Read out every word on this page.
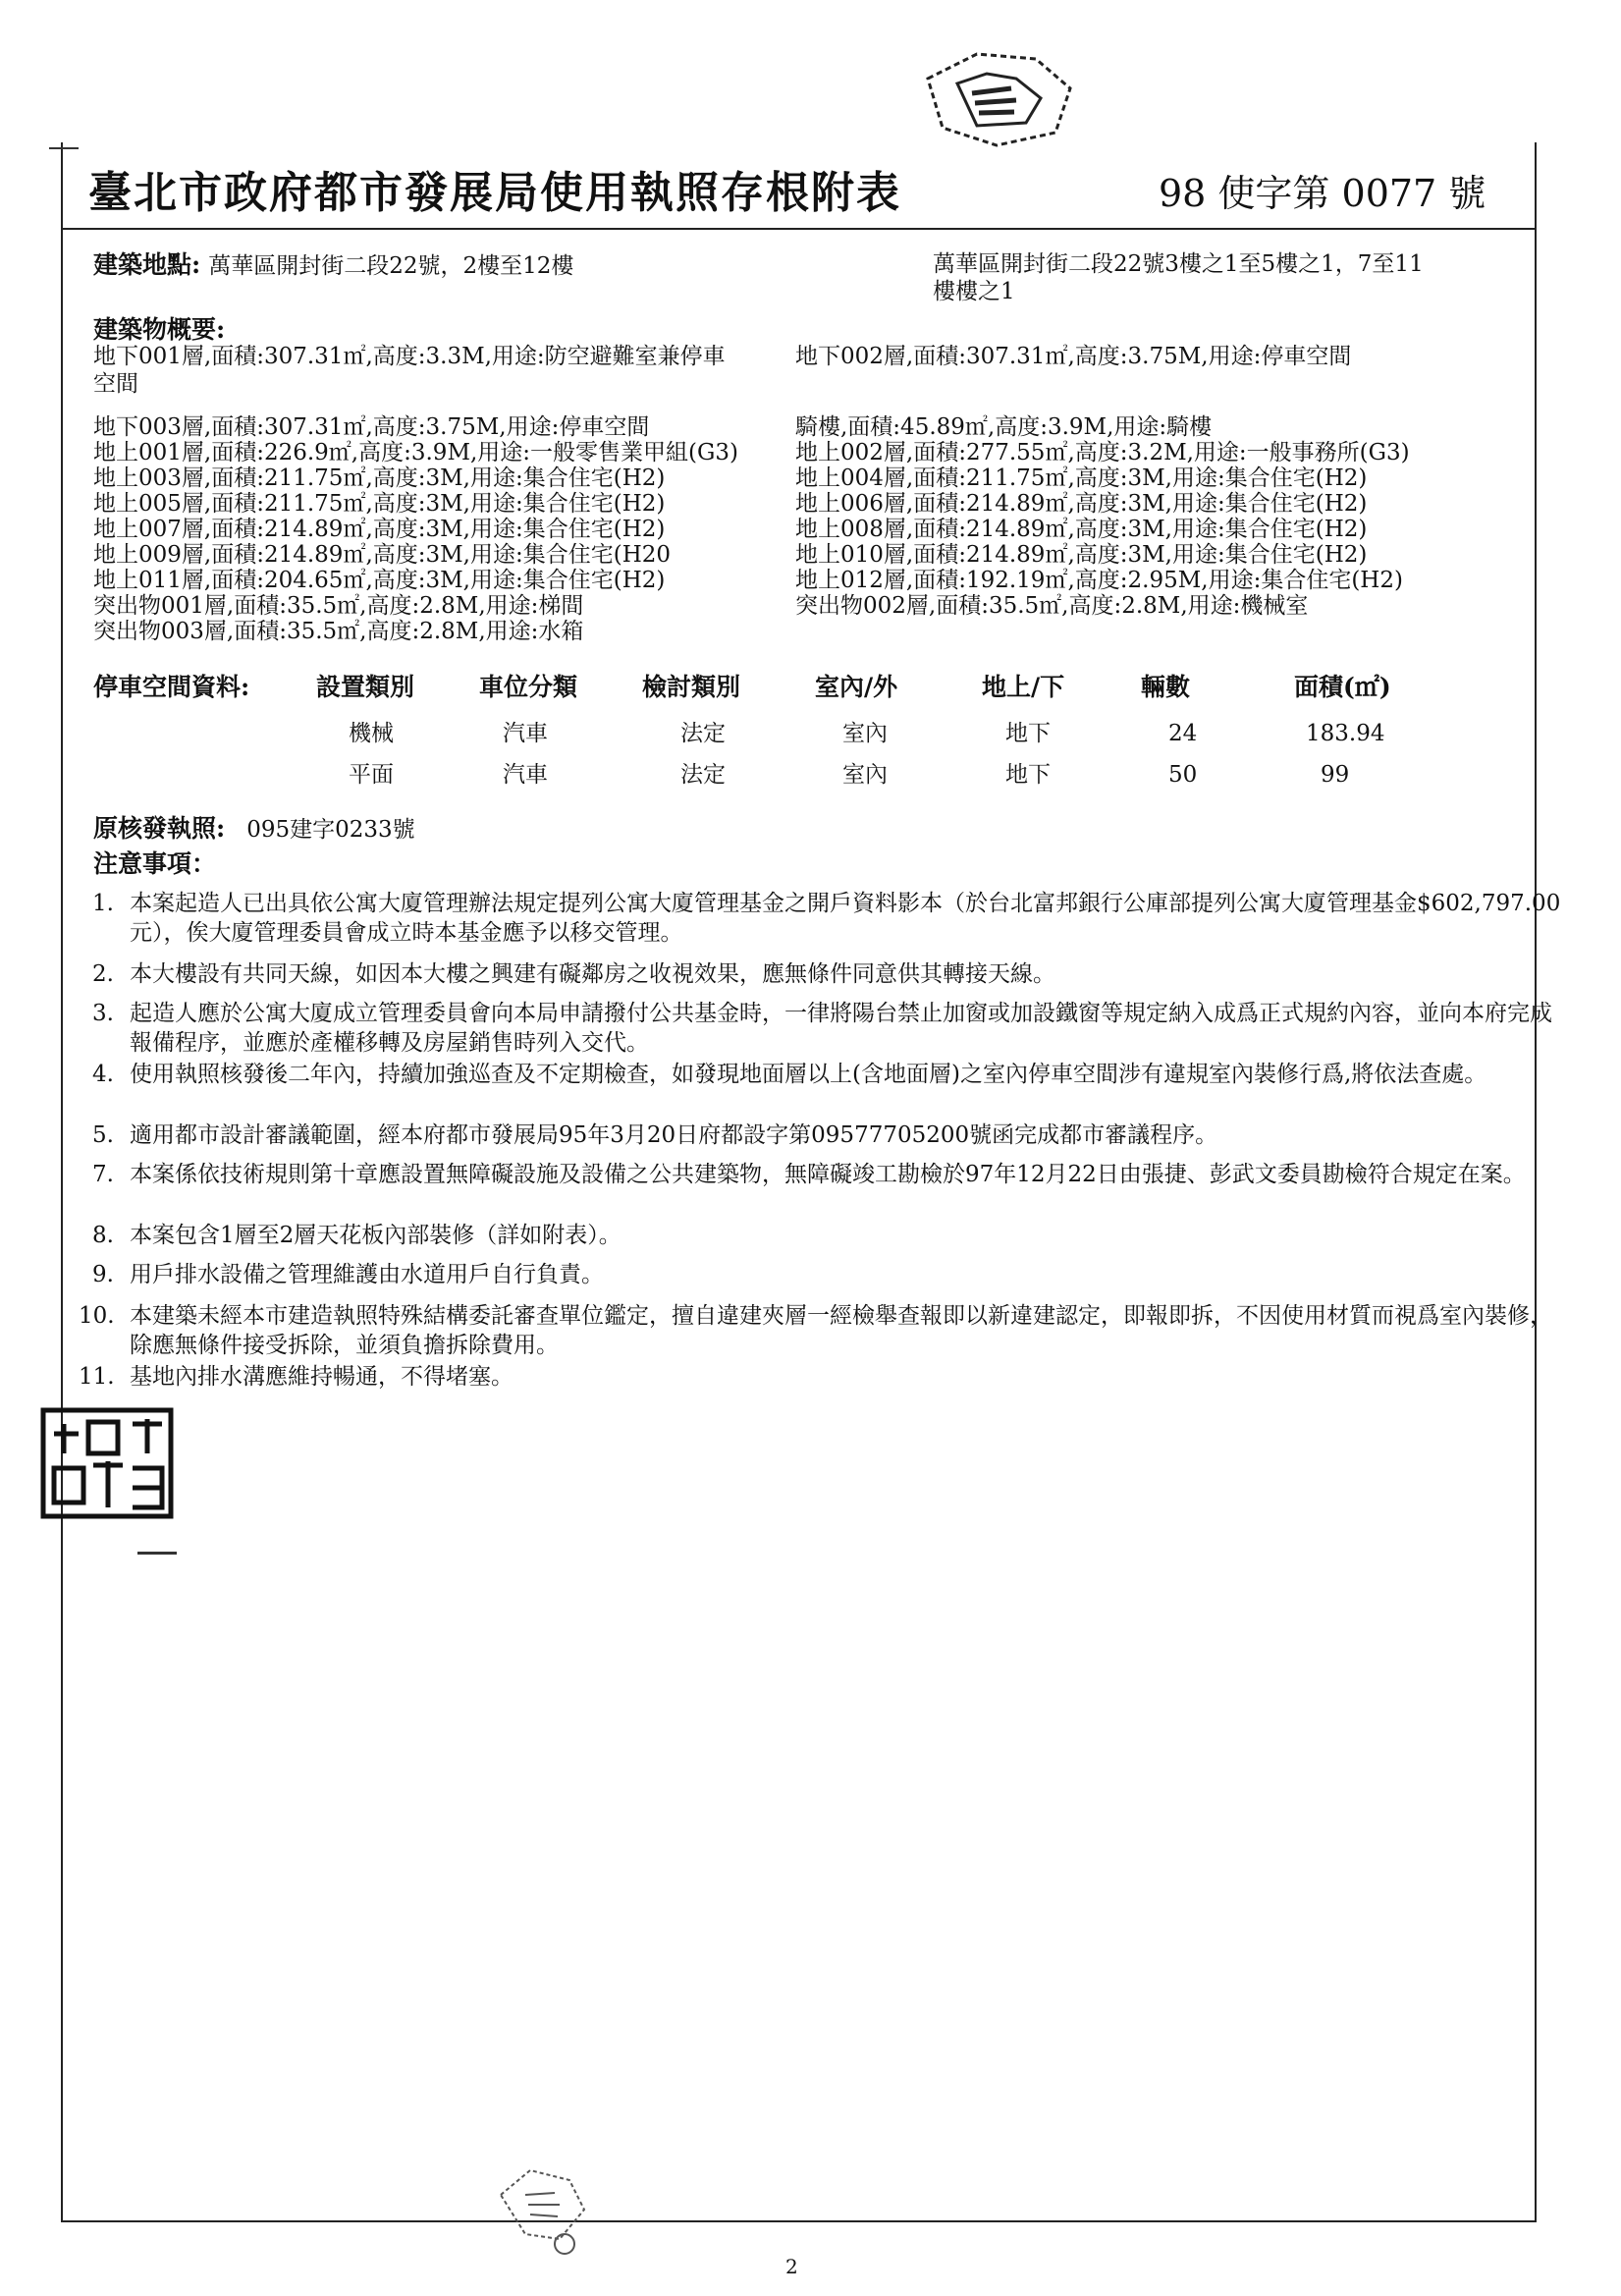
臺北市政府都市發展局使用執照存根附表	98 使字第 0077 號
建築地點: 萬華區開封街二段22號，2樓至12樓	萬華區開封街二段22號3樓之1至5樓之1，7至11
樓樓之1
建築物概要:
地下001層,面積:307.31㎡,高度:3.3M,用途:防空避難室兼停車	地下002層,面積:307.31㎡,高度:3.75M,用途:停車空間
空間
地下003層,面積:307.31㎡,高度:3.75M,用途:停車空間	騎樓,面積:45.89㎡,高度:3.9M,用途:騎樓
地上001層,面積:226.9㎡,高度:3.9M,用途:一般零售業甲組(G3)	地上002層,面積:277.55㎡,高度:3.2M,用途:一般事務所(G3)
地上003層,面積:211.75㎡,高度:3M,用途:集合住宅(H2)	地上004層,面積:211.75㎡,高度:3M,用途:集合住宅(H2)
地上005層,面積:211.75㎡,高度:3M,用途:集合住宅(H2)	地上006層,面積:214.89㎡,高度:3M,用途:集合住宅(H2)
地上007層,面積:214.89㎡,高度:3M,用途:集合住宅(H2)	地上008層,面積:214.89㎡,高度:3M,用途:集合住宅(H2)
地上009層,面積:214.89㎡,高度:3M,用途:集合住宅(H20	地上010層,面積:214.89㎡,高度:3M,用途:集合住宅(H2)
地上011層,面積:204.65㎡,高度:3M,用途:集合住宅(H2)	地上012層,面積:192.19㎡,高度:2.95M,用途:集合住宅(H2)
突出物001層,面積:35.5㎡,高度:2.8M,用途:梯間	突出物002層,面積:35.5㎡,高度:2.8M,用途:機械室
突出物003層,面積:35.5㎡,高度:2.8M,用途:水箱
停車空間資料:	設置類別	車位分類	檢討類別	室內/外	地上/下	輛數	面積(㎡)
機械	汽車	法定	室內	地下	24	183.94
平面	汽車	法定	室內	地下	50	99
原核發執照: 095建字0233號
注意事項：
1. 本案起造人已出具依公寓大廈管理辦法規定提列公寓大廈管理基金之開戶資料影本（於台北富邦銀行公庫部提列公寓大廈管理基金$602,797.00元），俟大廈管理委員會成立時本基金應予以移交管理。
2. 本大樓設有共同天線，如因本大樓之興建有礙鄰房之收視效果，應無條件同意供其轉接天線。
3. 起造人應於公寓大廈成立管理委員會向本局申請撥付公共基金時，一律將陽台禁止加窗或加設鐵窗等規定納入成爲正式規約內容，並向本府完成報備程序，並應於產權移轉及房屋銷售時列入交代。
4. 使用執照核發後二年內，持續加強巡查及不定期檢查，如發現地面層以上(含地面層)之室內停車空間涉有違規室內裝修行爲,將依法查處。
5. 適用都市設計審議範圍，經本府都市發展局95年3月20日府都設字第09577705200號函完成都市審議程序。
7. 本案係依技術規則第十章應設置無障礙設施及設備之公共建築物，無障礙竣工勘檢於97年12月22日由張捷、彭武文委員勘檢符合規定在案。
8. 本案包含1層至2層天花板內部裝修（詳如附表）。
9. 用戶排水設備之管理維護由水道用戶自行負責。
10. 本建築未經本市建造執照特殊結構委託審查單位鑑定，擅自違建夾層一經檢舉查報即以新違建認定，即報即拆，不因使用材質而視爲室內裝修，除應無條件接受拆除，並須負擔拆除費用。
11. 基地內排水溝應維持暢通，不得堵塞。
2
